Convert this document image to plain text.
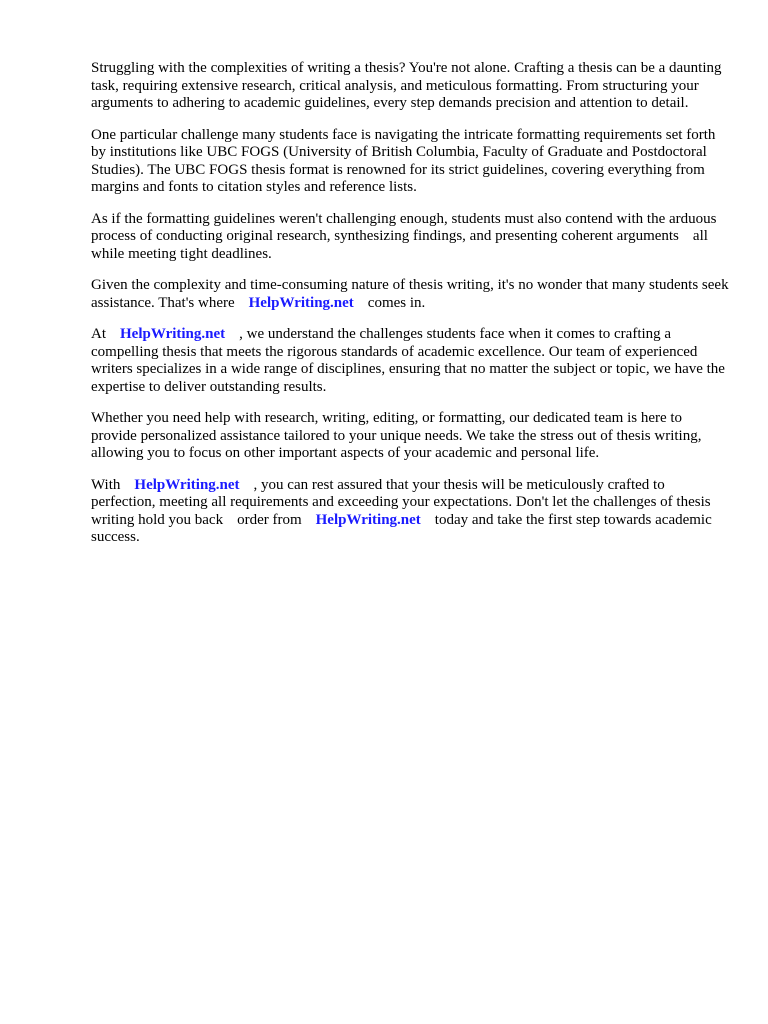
Struggling with the complexities of writing a thesis? You're not alone. Crafting a thesis can be a daunting task, requiring extensive research, critical analysis, and meticulous formatting. From structuring your arguments to adhering to academic guidelines, every step demands precision and attention to detail.

One particular challenge many students face is navigating the intricate formatting requirements set forth by institutions like UBC FOGS (University of British Columbia, Faculty of Graduate and Postdoctoral Studies). The UBC FOGS thesis format is renowned for its strict guidelines, covering everything from margins and fonts to citation styles and reference lists.

As if the formatting guidelines weren't challenging enough, students must also contend with the arduous process of conducting original research, synthesizing findings, and presenting coherent arguments all while meeting tight deadlines.

Given the complexity and time-consuming nature of thesis writing, it's no wonder that many students seek assistance. That's where HelpWriting.net comes in.

At HelpWriting.net , we understand the challenges students face when it comes to crafting a compelling thesis that meets the rigorous standards of academic excellence. Our team of experienced writers specializes in a wide range of disciplines, ensuring that no matter the subject or topic, we have the expertise to deliver outstanding results.

Whether you need help with research, writing, editing, or formatting, our dedicated team is here to provide personalized assistance tailored to your unique needs. We take the stress out of thesis writing, allowing you to focus on other important aspects of your academic and personal life.

With HelpWriting.net , you can rest assured that your thesis will be meticulously crafted to perfection, meeting all requirements and exceeding your expectations. Don't let the challenges of thesis writing hold you back order from HelpWriting.net today and take the first step towards academic success.
